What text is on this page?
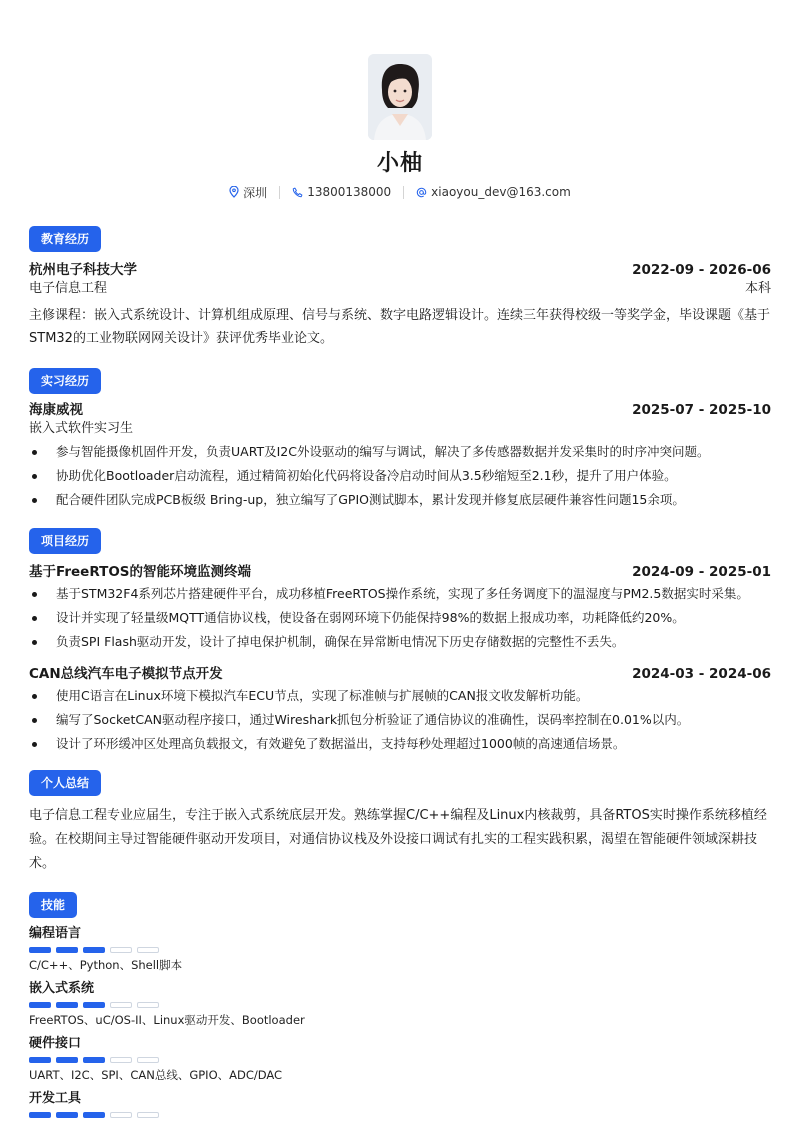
小柚
深圳	13800138000	xiaoyou_dev@163.com
教育经历
杭州电子科技大学	2022-09 - 2026-06
电子信息工程	本科
主修课程：嵌入式系统设计、计算机组成原理、信号与系统、数字电路逻辑设计。连续三年获得校级一等奖学金，毕设课题《基于STM32的工业物联网网关设计》获评优秀毕业论文。
实习经历
海康威视	2025-07 - 2025-10
嵌入式软件实习生
参与智能摄像机固件开发，负责UART及I2C外设驱动的编写与调试，解决了多传感器数据并发采集时的时序冲突问题。
协助优化Bootloader启动流程，通过精简初始化代码将设备冷启动时间从3.5秒缩短至2.1秒，提升了用户体验。
配合硬件团队完成PCB板级 Bring-up，独立编写了GPIO测试脚本，累计发现并修复底层硬件兼容性问题15余项。
项目经历
基于FreeRTOS的智能环境监测终端	2024-09 - 2025-01
基于STM32F4系列芯片搭建硬件平台，成功移植FreeRTOS操作系统，实现了多任务调度下的温湿度与PM2.5数据实时采集。
设计并实现了轻量级MQTT通信协议栈，使设备在弱网环境下仍能保持98%的数据上报成功率，功耗降低约20%。
负责SPI Flash驱动开发，设计了掉电保护机制，确保在异常断电情况下历史存储数据的完整性不丢失。
CAN总线汽车电子模拟节点开发	2024-03 - 2024-06
使用C语言在Linux环境下模拟汽车ECU节点，实现了标准帧与扩展帧的CAN报文收发解析功能。
编写了SocketCAN驱动程序接口，通过Wireshark抓包分析验证了通信协议的准确性，误码率控制在0.01%以内。
设计了环形缓冲区处理高负载报文，有效避免了数据溢出，支持每秒处理超过1000帧的高速通信场景。
个人总结
电子信息工程专业应届生，专注于嵌入式系统底层开发。熟练掌握C/C++编程及Linux内核裁剪，具备RTOS实时操作系统移植经验。在校期间主导过智能硬件驱动开发项目，对通信协议栈及外设接口调试有扎实的工程实践积累，渴望在智能硬件领域深耕技术。
技能
编程语言
C/C++、Python、Shell脚本
嵌入式系统
FreeRTOS、uC/OS-II、Linux驱动开发、Bootloader
硬件接口
UART、I2C、SPI、CAN总线、GPIO、ADC/DAC
开发工具
